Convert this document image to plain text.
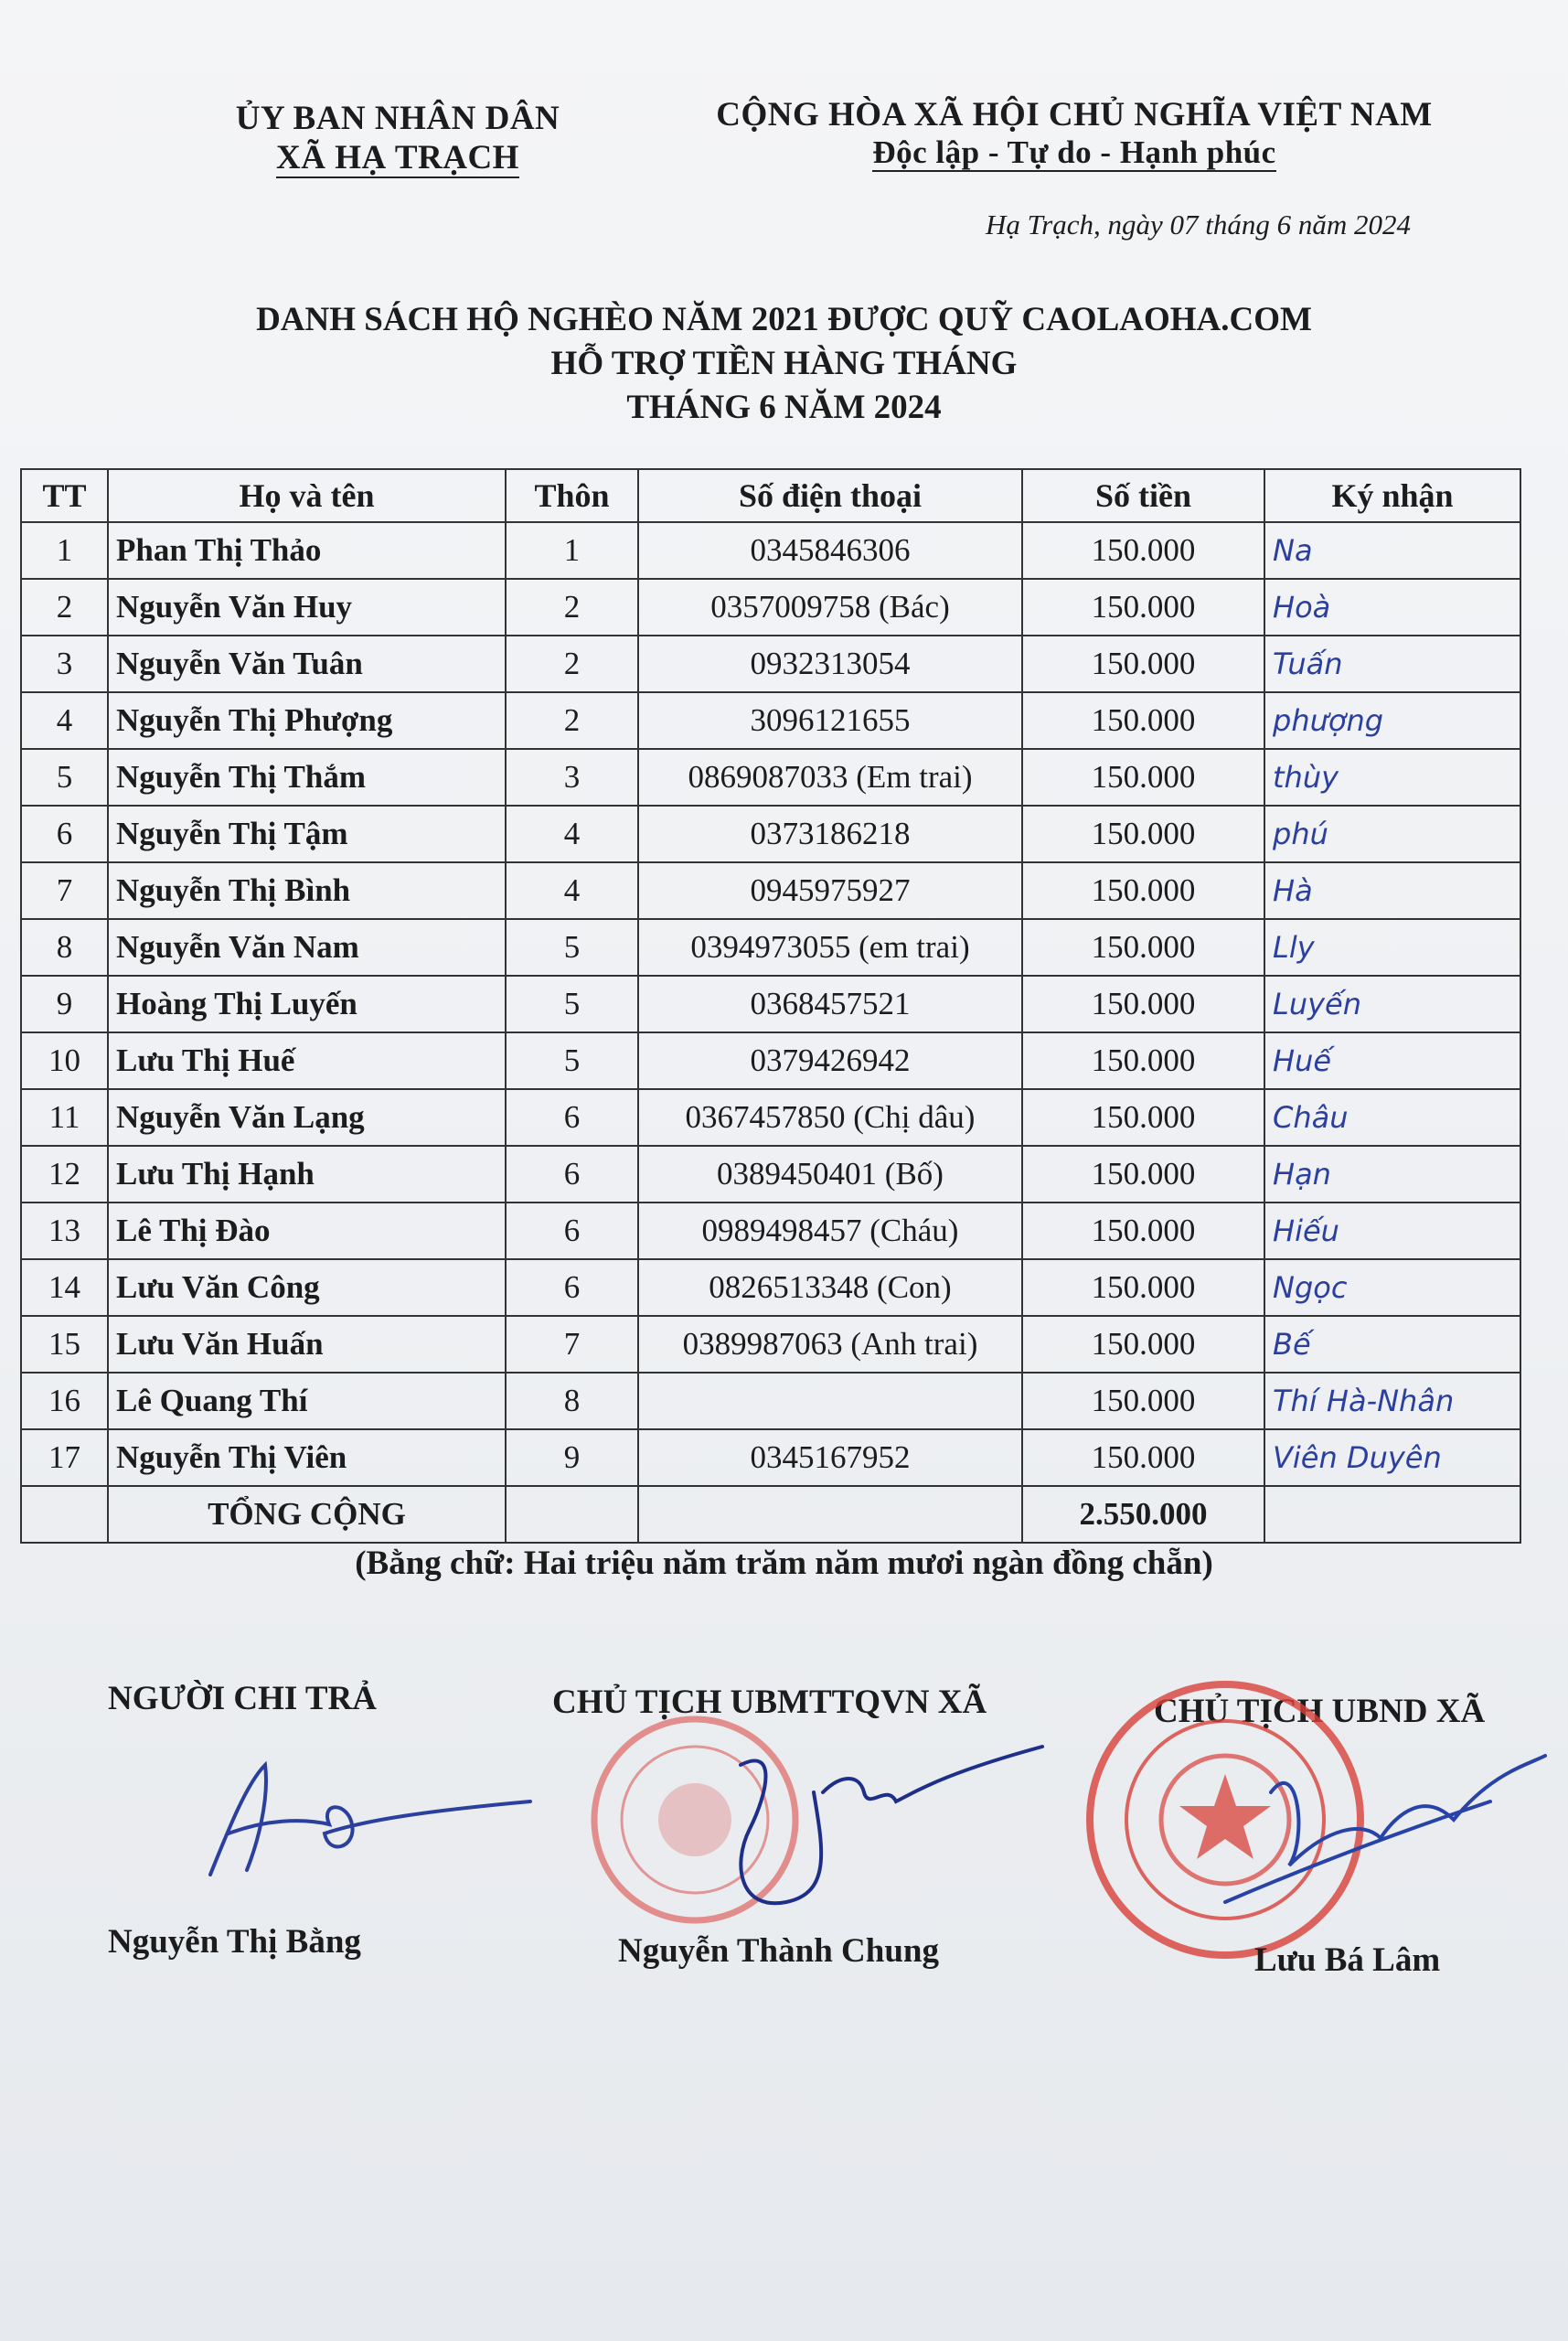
ỦY BAN NHÂN DÂN
XÃ HẠ TRẠCH
CỘNG HÒA XÃ HỘI CHỦ NGHĨA VIỆT NAM
Độc lập - Tự do - Hạnh phúc
Hạ Trạch, ngày 07 tháng 6 năm 2024
DANH SÁCH HỘ NGHÈO NĂM 2021 ĐƯỢC QUỸ CAOLAOHA.COM
HỖ TRỢ TIỀN HÀNG THÁNG
THÁNG 6 NĂM 2024
TT	Họ và tên	Thôn	Số điện thoại	Số tiền	Ký nhận
1	Phan Thị Thảo	1	0345846306	150.000	Na
2	Nguyễn Văn Huy	2	0357009758 (Bác)	150.000	Hoà
3	Nguyễn Văn Tuân	2	0932313054	150.000	Tuấn
4	Nguyễn Thị Phượng	2	3096121655	150.000	phượng
5	Nguyễn Thị Thắm	3	0869087033 (Em trai)	150.000	thùy
6	Nguyễn Thị Tậm	4	0373186218	150.000	phú
7	Nguyễn Thị Bình	4	0945975927	150.000	Hà
8	Nguyễn Văn Nam	5	0394973055 (em trai)	150.000	Lly
9	Hoàng Thị Luyến	5	0368457521	150.000	Luyến
10	Lưu Thị Huế	5	0379426942	150.000	Huế
11	Nguyễn Văn Lạng	6	0367457850 (Chị dâu)	150.000	Châu
12	Lưu Thị Hạnh	6	0389450401 (Bố)	150.000	Hạn
13	Lê Thị Đào	6	0989498457 (Cháu)	150.000	Hiếu
14	Lưu Văn Công	6	0826513348 (Con)	150.000	Ngọc
15	Lưu Văn Huấn	7	0389987063 (Anh trai)	150.000	Bế
16	Lê Quang Thí	8		150.000	Thí Hà-Nhân
17	Nguyễn Thị Viên	9	0345167952	150.000	Viên Duyên
	TỔNG CỘNG			2.550.000	
(Bằng chữ: Hai triệu năm trăm năm mươi ngàn đồng chẵn)
NGƯỜI CHI TRẢ	CHỦ TỊCH UBMTTQVN XÃ	CHỦ TỊCH UBND XÃ
Nguyễn Thị Bằng	Nguyễn Thành Chung	Lưu Bá Lâm
